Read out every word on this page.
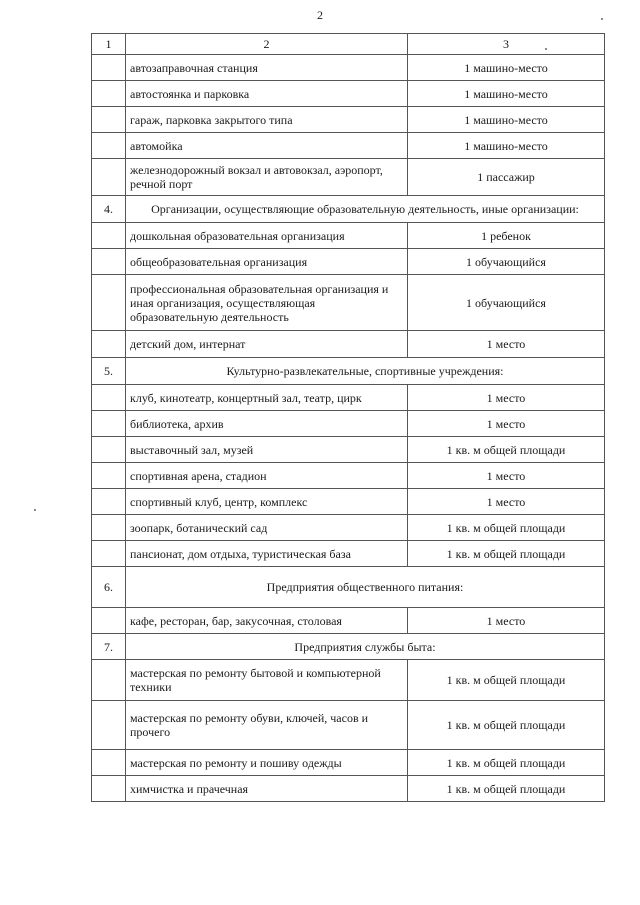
2
1	2	3
	автозаправочная станция	1 машино-место
	автостоянка и парковка	1 машино-место
	гараж, парковка закрытого типа	1 машино-место
	автомойка	1 машино-место
	железнодорожный вокзал и автовокзал, аэропорт, речной порт	1 пассажир
4.	Организации, осуществляющие образовательную деятельность, иные организации:	
	дошкольная образовательная организация	1 ребенок
	общеобразовательная организация	1 обучающийся
	профессиональная образовательная организация и иная организация, осуществляющая образовательную деятельность	1 обучающийся
	детский дом, интернат	1 место
5.	Культурно-развлекательные, спортивные учреждения:	
	клуб, кинотеатр, концертный зал, театр, цирк	1 место
	библиотека, архив	1 место
	выставочный зал, музей	1 кв. м общей площади
	спортивная арена, стадион	1 место
	спортивный клуб, центр, комплекс	1 место
	зоопарк, ботанический сад	1 кв. м общей площади
	пансионат, дом отдыха, туристическая база	1 кв. м общей площади
6.	Предприятия общественного питания:	
	кафе, ресторан, бар, закусочная, столовая	1 место
7.	Предприятия службы быта:	
	мастерская по ремонту бытовой и компьютерной техники	1 кв. м общей площади
	мастерская по ремонту обуви, ключей, часов и прочего	1 кв. м общей площади
	мастерская по ремонту и пошиву одежды	1 кв. м общей площади
	химчистка и прачечная	1 кв. м общей площади
